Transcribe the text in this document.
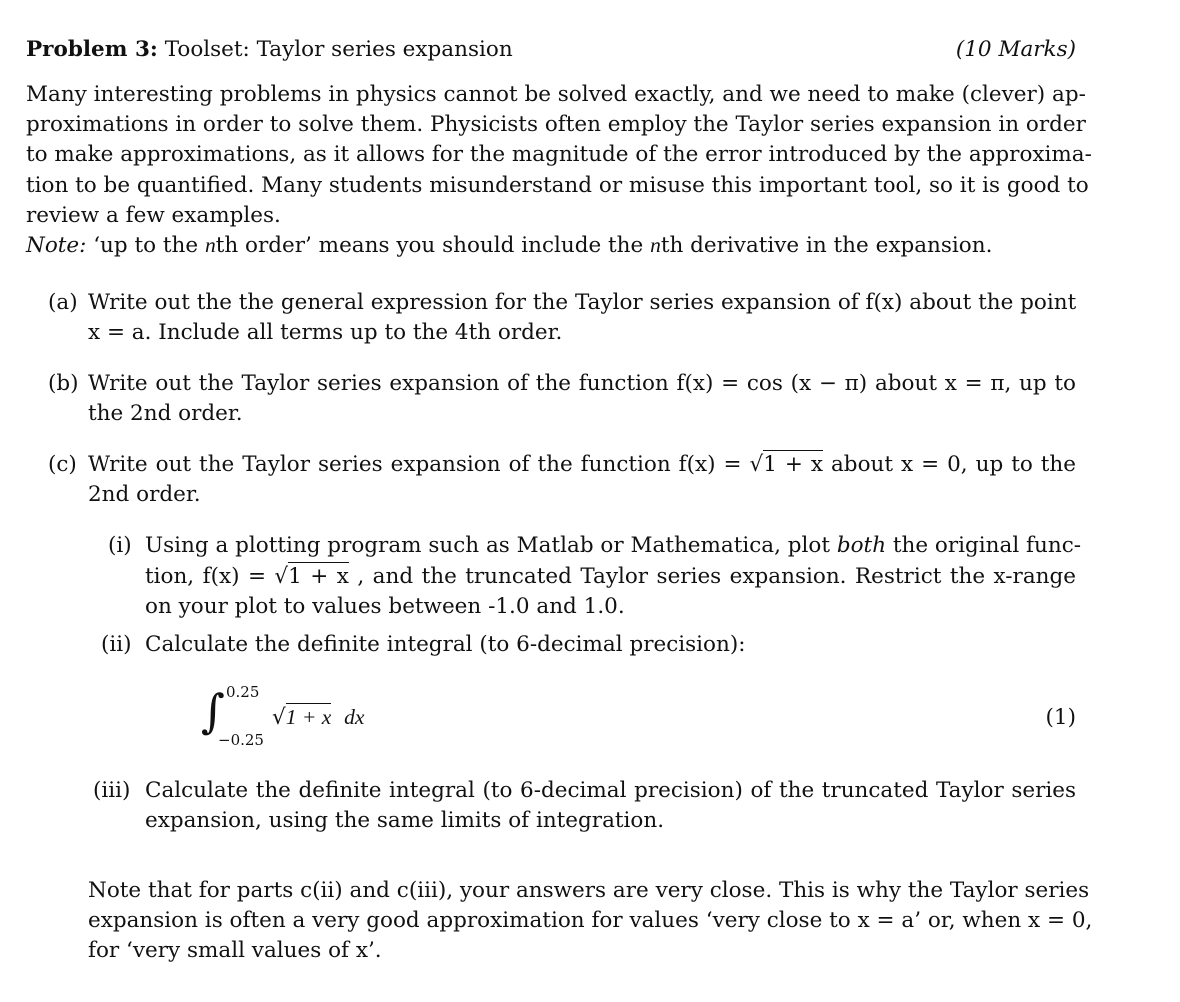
Problem 3: Toolset: Taylor series expansion	(10 Marks)
Many interesting problems in physics cannot be solved exactly, and we need to make (clever) ap-
proximations in order to solve them. Physicists often employ the Taylor series expansion in order
to make approximations, as it allows for the magnitude of the error introduced by the approxima-
tion to be quantified. Many students misunderstand or misuse this important tool, so it is good to
review a few examples.
Note: ‘up to the nth order’ means you should include the nth derivative in the expansion.
(a) Write out the the general expression for the Taylor series expansion of f(x) about the point
x = a. Include all terms up to the 4th order.
(b) Write out the Taylor series expansion of the function f(x) = cos (x − π) about x = π, up to
the 2nd order.
(c) Write out the Taylor series expansion of the function f(x) = √1 + x about x = 0, up to the
2nd order.
(i) Using a plotting program such as Matlab or Mathematica, plot both the original func-
tion, f(x) = √1 + x , and the truncated Taylor series expansion. Restrict the x-range
on your plot to values between -1.0 and 1.0.
(ii) Calculate the definite integral (to 6-decimal precision):
∫ 0.25
−0.25
√1 + x dx	(1)
(iii) Calculate the definite integral (to 6-decimal precision) of the truncated Taylor series
expansion, using the same limits of integration.
Note that for parts c(ii) and c(iii), your answers are very close. This is why the Taylor series
expansion is often a very good approximation for values ‘very close to x = a’ or, when x = 0,
for ‘very small values of x’.
